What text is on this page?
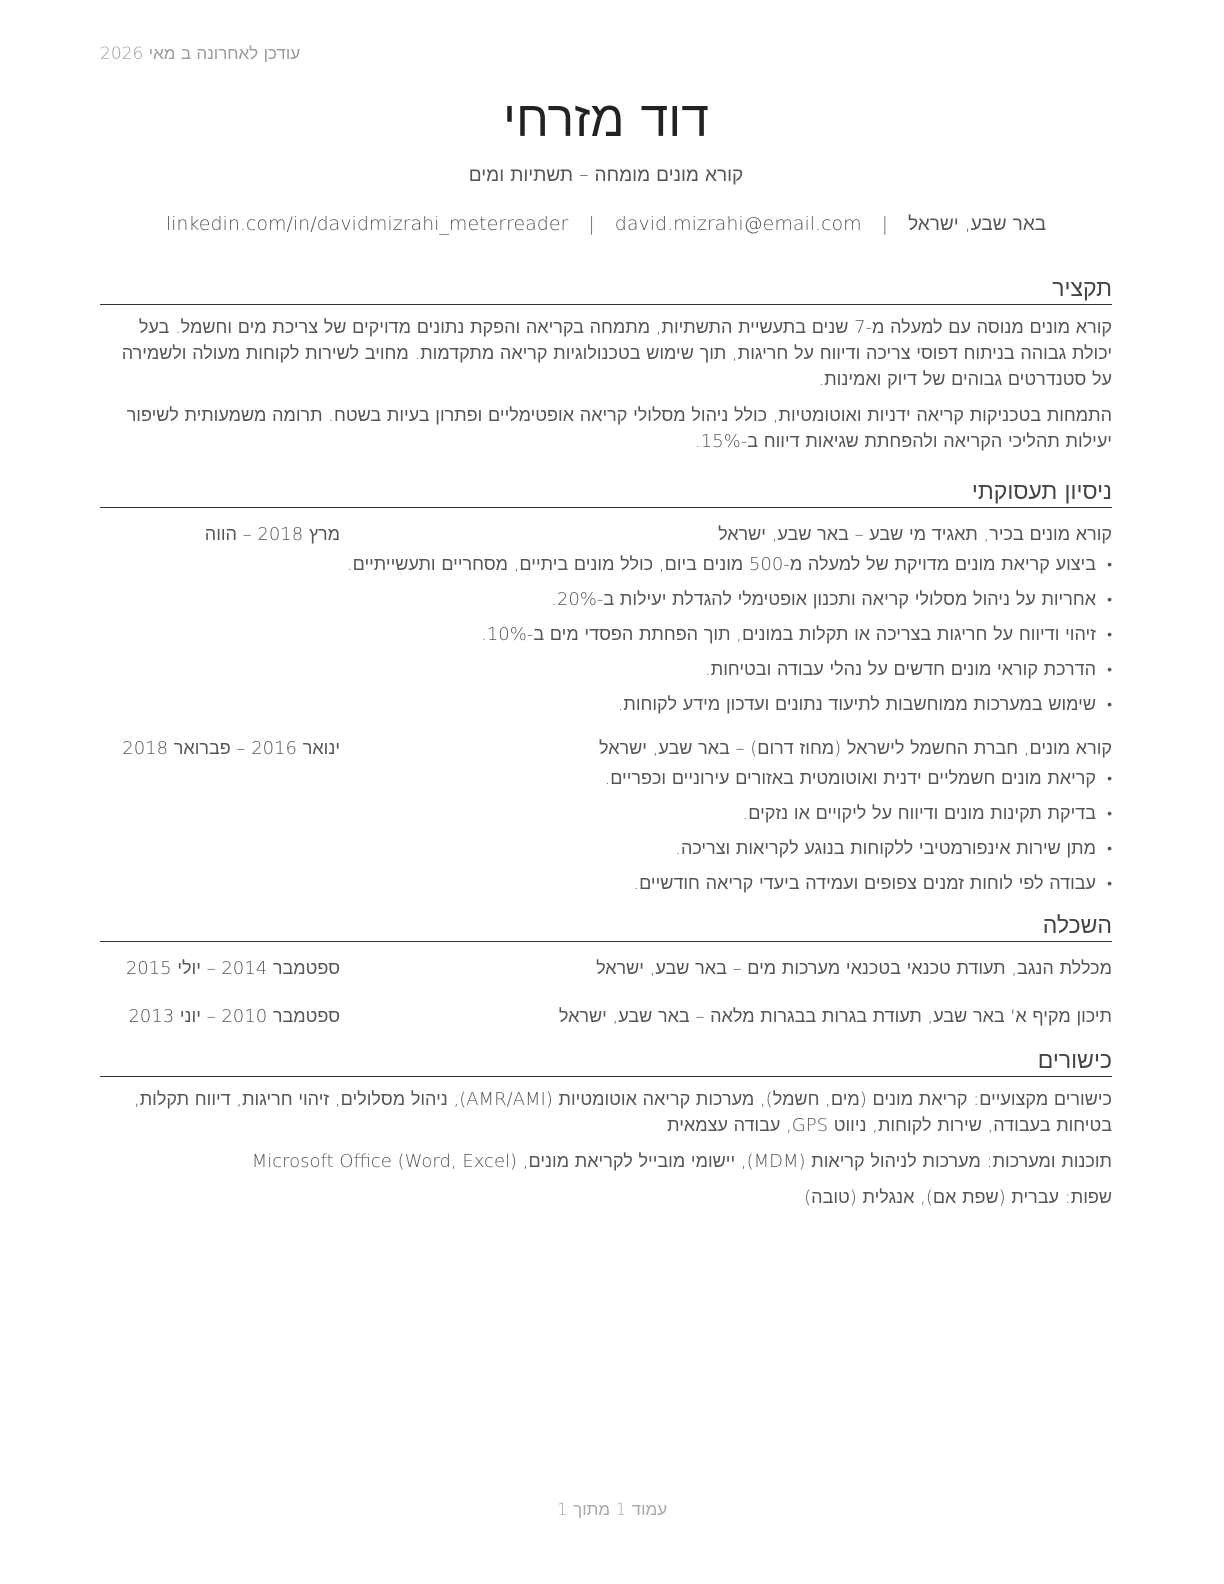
עודכן לאחרונה ב מאי 2026
דוד מזרחי
קורא מונים מומחה – תשתיות ומים
באר שבע, ישראל
|
david.mizrahi@email.com
|
linkedin.com/in/davidmizrahi_meterreader
תקציר
קורא מונים מנוסה עם למעלה מ-7 שנים בתעשיית התשתיות, מתמחה בקריאה והפקת נתונים מדויקים של צריכת מים וחשמל. בעל יכולת גבוהה בניתוח דפוסי צריכה ודיווח על חריגות, תוך שימוש בטכנולוגיות קריאה מתקדמות. מחויב לשירות לקוחות מעולה ולשמירה על סטנדרטים גבוהים של דיוק ואמינות.
התמחות בטכניקות קריאה ידניות ואוטומטיות, כולל ניהול מסלולי קריאה אופטימליים ופתרון בעיות בשטח. תרומה משמעותית לשיפור יעילות תהליכי הקריאה ולהפחתת שגיאות דיווח ב-15%.
ניסיון תעסוקתי
קורא מונים בכיר, תאגיד מי שבע – באר שבע, ישראל
מרץ 2018 – הווה
• ביצוע קריאת מונים מדויקת של למעלה מ-500 מונים ביום, כולל מונים ביתיים, מסחריים ותעשייתיים.
• אחריות על ניהול מסלולי קריאה ותכנון אופטימלי להגדלת יעילות ב-20%.
• זיהוי ודיווח על חריגות בצריכה או תקלות במונים, תוך הפחתת הפסדי מים ב-10%.
• הדרכת קוראי מונים חדשים על נהלי עבודה ובטיחות.
• שימוש במערכות ממוחשבות לתיעוד נתונים ועדכון מידע לקוחות.
קורא מונים, חברת החשמל לישראל (מחוז דרום) – באר שבע, ישראל
ינואר 2016 – פברואר 2018
• קריאת מונים חשמליים ידנית ואוטומטית באזורים עירוניים וכפריים.
• בדיקת תקינות מונים ודיווח על ליקויים או נזקים.
• מתן שירות אינפורמטיבי ללקוחות בנוגע לקריאות וצריכה.
• עבודה לפי לוחות זמנים צפופים ועמידה ביעדי קריאה חודשיים.
השכלה
מכללת הנגב, תעודת טכנאי בטכנאי מערכות מים – באר שבע, ישראל
ספטמבר 2014 – יולי 2015
תיכון מקיף א' באר שבע, תעודת בגרות בבגרות מלאה – באר שבע, ישראל
ספטמבר 2010 – יוני 2013
כישורים
כישורים מקצועיים: קריאת מונים (מים, חשמל), מערכות קריאה אוטומטיות (AMR/AMI), ניהול מסלולים, זיהוי חריגות, דיווח תקלות, בטיחות בעבודה, שירות לקוחות, ניווט GPS, עבודה עצמאית
תוכנות ומערכות: מערכות לניהול קריאות (MDM), יישומי מובייל לקריאת מונים, Microsoft Office (Word, Excel)
שפות: עברית (שפת אם), אנגלית (טובה)
עמוד 1 מתוך 1
